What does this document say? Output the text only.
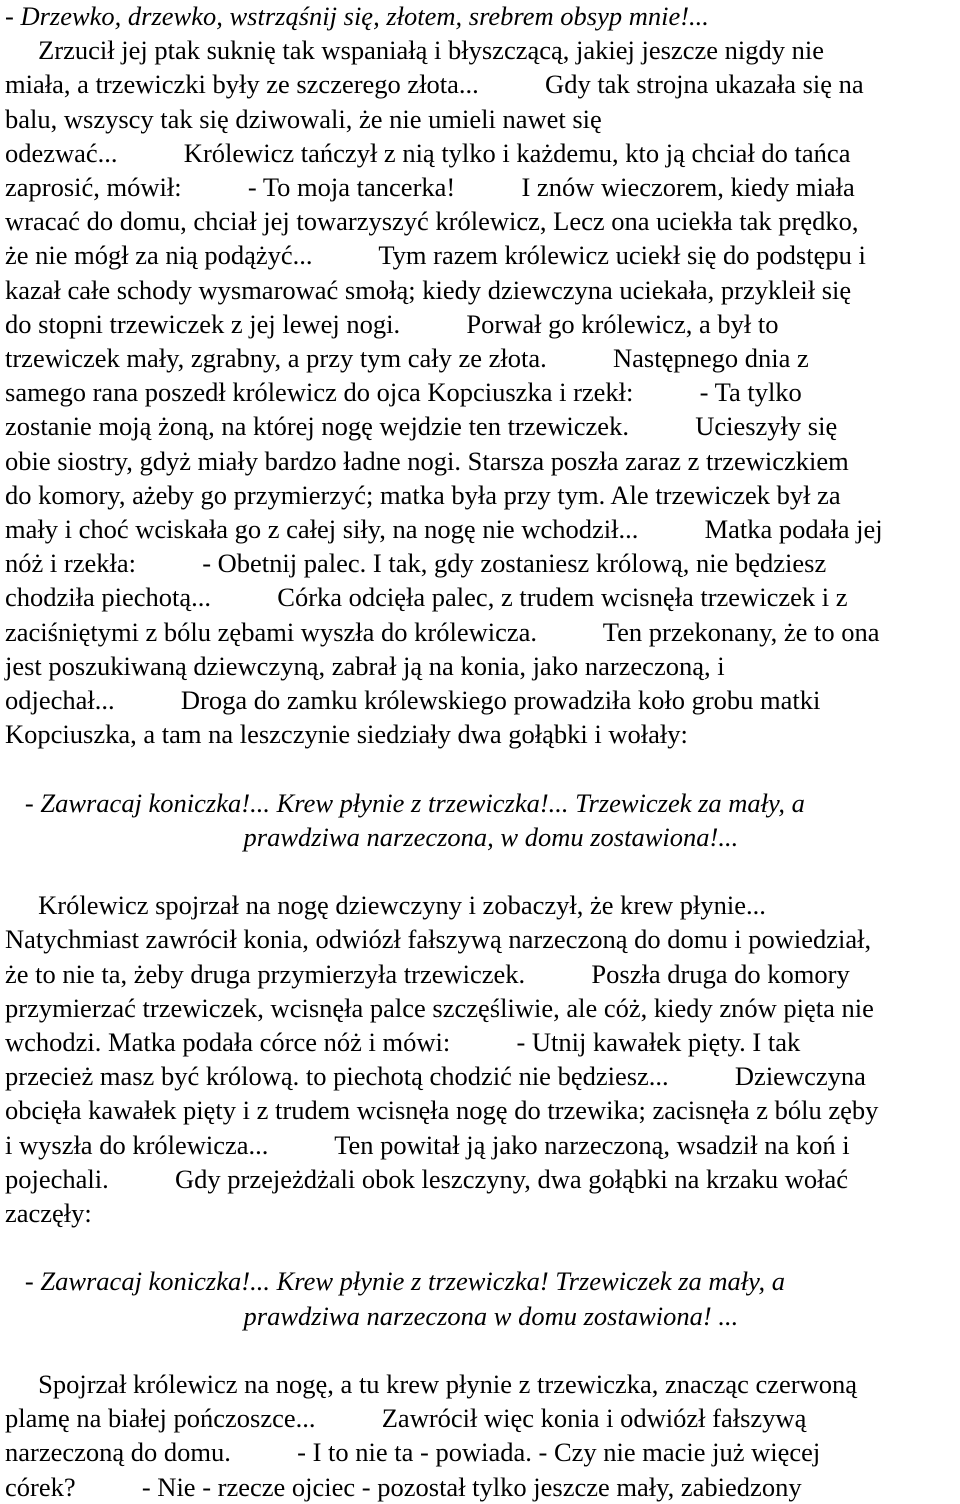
- Drzewko, drzewko, wstrząśnij się, złotem, srebrem obsyp mnie!...

Zrzucił jej ptak suknię tak wspaniałą i błyszczącą, jakiej jeszcze nigdy nie

miała, a trzewiczki były ze szczerego złota...          Gdy tak strojna ukazała się na

balu, wszyscy tak się dziwowali, że nie umieli nawet się

odezwać...          Królewicz tańczył z nią tylko i każdemu, kto ją chciał do tańca

zaprosić, mówił:          - To moja tancerka!          I znów wieczorem, kiedy miała

wracać do domu, chciał jej towarzyszyć królewicz, Lecz ona uciekła tak prędko,

że nie mógł za nią podążyć...          Tym razem królewicz uciekł się do podstępu i

kazał całe schody wysmarować smołą; kiedy dziewczyna uciekała, przykleił się

do stopni trzewiczek z jej lewej nogi.          Porwał go królewicz, a był to

trzewiczek mały, zgrabny, a przy tym cały ze złota.          Następnego dnia z

samego rana poszedł królewicz do ojca Kopciuszka i rzekł:          - Ta tylko

zostanie moją żoną, na której nogę wejdzie ten trzewiczek.          Ucieszyły się

obie siostry, gdyż miały bardzo ładne nogi. Starsza poszła zaraz z trzewiczkiem

do komory, ażeby go przymierzyć; matka była przy tym. Ale trzewiczek był za

mały i choć wciskała go z całej siły, na nogę nie wchodził...          Matka podała jej

nóż i rzekła:          - Obetnij palec. I tak, gdy zostaniesz królową, nie będziesz

chodziła piechotą...          Córka odcięła palec, z trudem wcisnęła trzewiczek i z

zaciśniętymi z bólu zębami wyszła do królewicza.          Ten przekonany, że to ona

jest poszukiwaną dziewczyną, zabrał ją na konia, jako narzeczoną, i

odjechał...          Droga do zamku królewskiego prowadziła koło grobu matki

Kopciuszka, a tam na leszczynie siedziały dwa gołąbki i wołały:

- Zawracaj koniczka!... Krew płynie z trzewiczka!... Trzewiczek za mały, a

prawdziwa narzeczona, w domu zostawiona!...

Królewicz spojrzał na nogę dziewczyny i zobaczył, że krew płynie...

Natychmiast zawrócił konia, odwiózł fałszywą narzeczoną do domu i powiedział,

że to nie ta, żeby druga przymierzyła trzewiczek.          Poszła druga do komory

przymierzać trzewiczek, wcisnęła palce szczęśliwie, ale cóż, kiedy znów pięta nie

wchodzi. Matka podała córce nóż i mówi:          - Utnij kawałek pięty. I tak

przecież masz być królową. to piechotą chodzić nie będziesz...          Dziewczyna

obcięła kawałek pięty i z trudem wcisnęła nogę do trzewika; zacisnęła z bólu zęby

i wyszła do królewicza...          Ten powitał ją jako narzeczoną, wsadził na koń i

pojechali.          Gdy przejeżdżali obok leszczyny, dwa gołąbki na krzaku wołać

zaczęły:

- Zawracaj koniczka!... Krew płynie z trzewiczka! Trzewiczek za mały, a

prawdziwa narzeczona w domu zostawiona! ...

Spojrzał królewicz na nogę, a tu krew płynie z trzewiczka, znacząc czerwoną

plamę na białej pończoszce...          Zawrócił więc konia i odwiózł fałszywą

narzeczoną do domu.          - I to nie ta - powiada. - Czy nie macie już więcej

córek?          - Nie - rzecze ojciec - pozostał tylko jeszcze mały, zabiedzony
